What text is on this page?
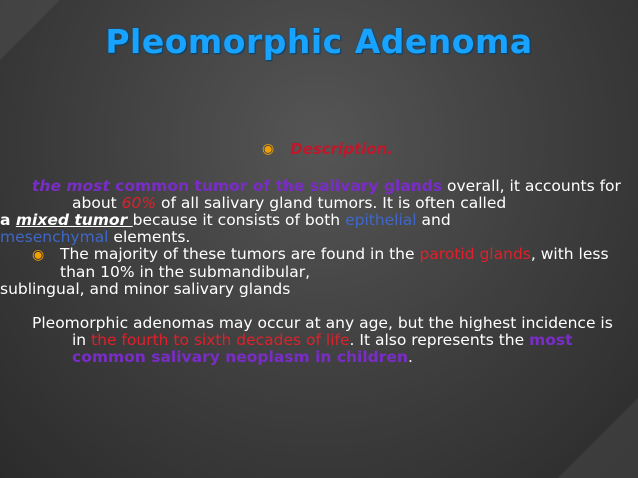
Pleomorphic Adenoma
◉ Description.

the most common tumor of the salivary glands overall, it accounts for about 60% of all salivary gland tumors. It is often called

a mixed tumor because it consists of both epithelial and

mesenchymal elements.

◉ The majority of these tumors are found in the parotid glands, with less than 10% in the submandibular,

sublingual, and minor salivary glands

Pleomorphic adenomas may occur at any age, but the highest incidence is in the fourth to sixth decades of life. It also represents the most common salivary neoplasm in children.
